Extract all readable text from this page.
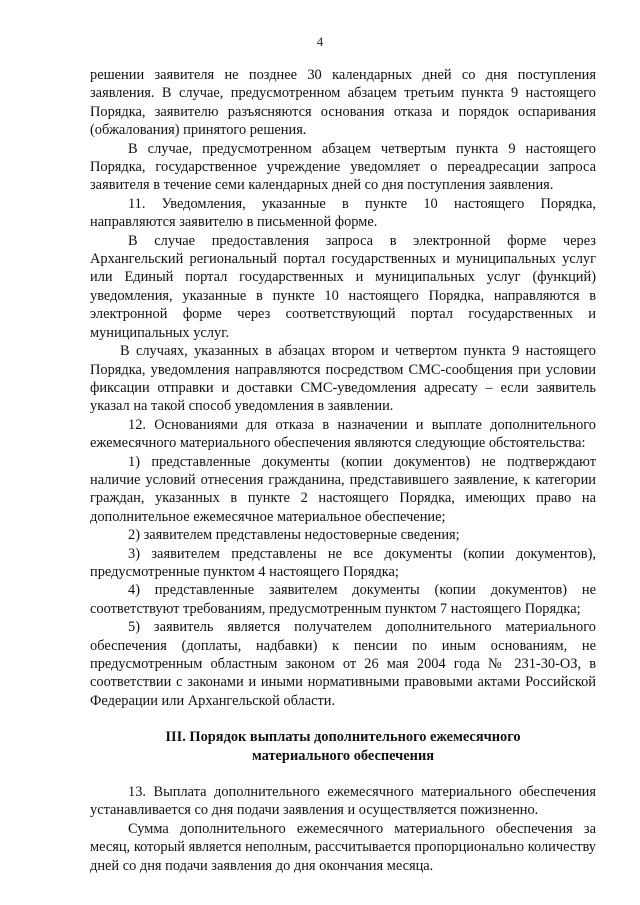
4

решении заявителя не позднее 30 календарных дней со дня поступления заявления. В случае, предусмотренном абзацем третьим пункта 9 настоящего Порядка, заявителю разъясняются основания отказа и порядок оспаривания (обжалования) принятого решения.

В случае, предусмотренном абзацем четвертым пункта 9 настоящего Порядка, государственное учреждение уведомляет о переадресации запроса заявителя в течение семи календарных дней со дня поступления заявления.

11. Уведомления, указанные в пункте 10 настоящего Порядка, направляются заявителю в письменной форме.

В случае предоставления запроса в электронной форме через Архангельский региональный портал государственных и муниципальных услуг или Единый портал государственных и муниципальных услуг (функций) уведомления, указанные в пункте 10 настоящего Порядка, направляются в электронной форме через соответствующий портал государственных и муниципальных услуг.

В случаях, указанных в абзацах втором и четвертом пункта 9 настоящего Порядка, уведомления направляются посредством СМС-сообщения при условии фиксации отправки и доставки СМС-уведомления адресату – если заявитель указал на такой способ уведомления в заявлении.

12. Основаниями для отказа в назначении и выплате дополнительного ежемесячного материального обеспечения являются следующие обстоятельства:

1) представленные документы (копии документов) не подтверждают наличие условий отнесения гражданина, представившего заявление, к категории граждан, указанных в пункте 2 настоящего Порядка, имеющих право на дополнительное ежемесячное материальное обеспечение;

2) заявителем представлены недостоверные сведения;

3) заявителем представлены не все документы (копии документов), предусмотренные пунктом 4 настоящего Порядка;

4) представленные заявителем документы (копии документов) не соответствуют требованиям, предусмотренным пунктом 7 настоящего Порядка;

5) заявитель является получателем дополнительного материального обеспечения (доплаты, надбавки) к пенсии по иным основаниям, не предусмотренным областным законом от 26 мая 2004 года № 231-30-ОЗ, в соответствии с законами и иными нормативными правовыми актами Российской Федерации или Архангельской области.

III. Порядок выплаты дополнительного ежемесячного
материального обеспечения

13. Выплата дополнительного ежемесячного материального обеспечения устанавливается со дня подачи заявления и осуществляется пожизненно.

Сумма дополнительного ежемесячного материального обеспечения за месяц, который является неполным, рассчитывается пропорционально количеству дней со дня подачи заявления до дня окончания месяца.
